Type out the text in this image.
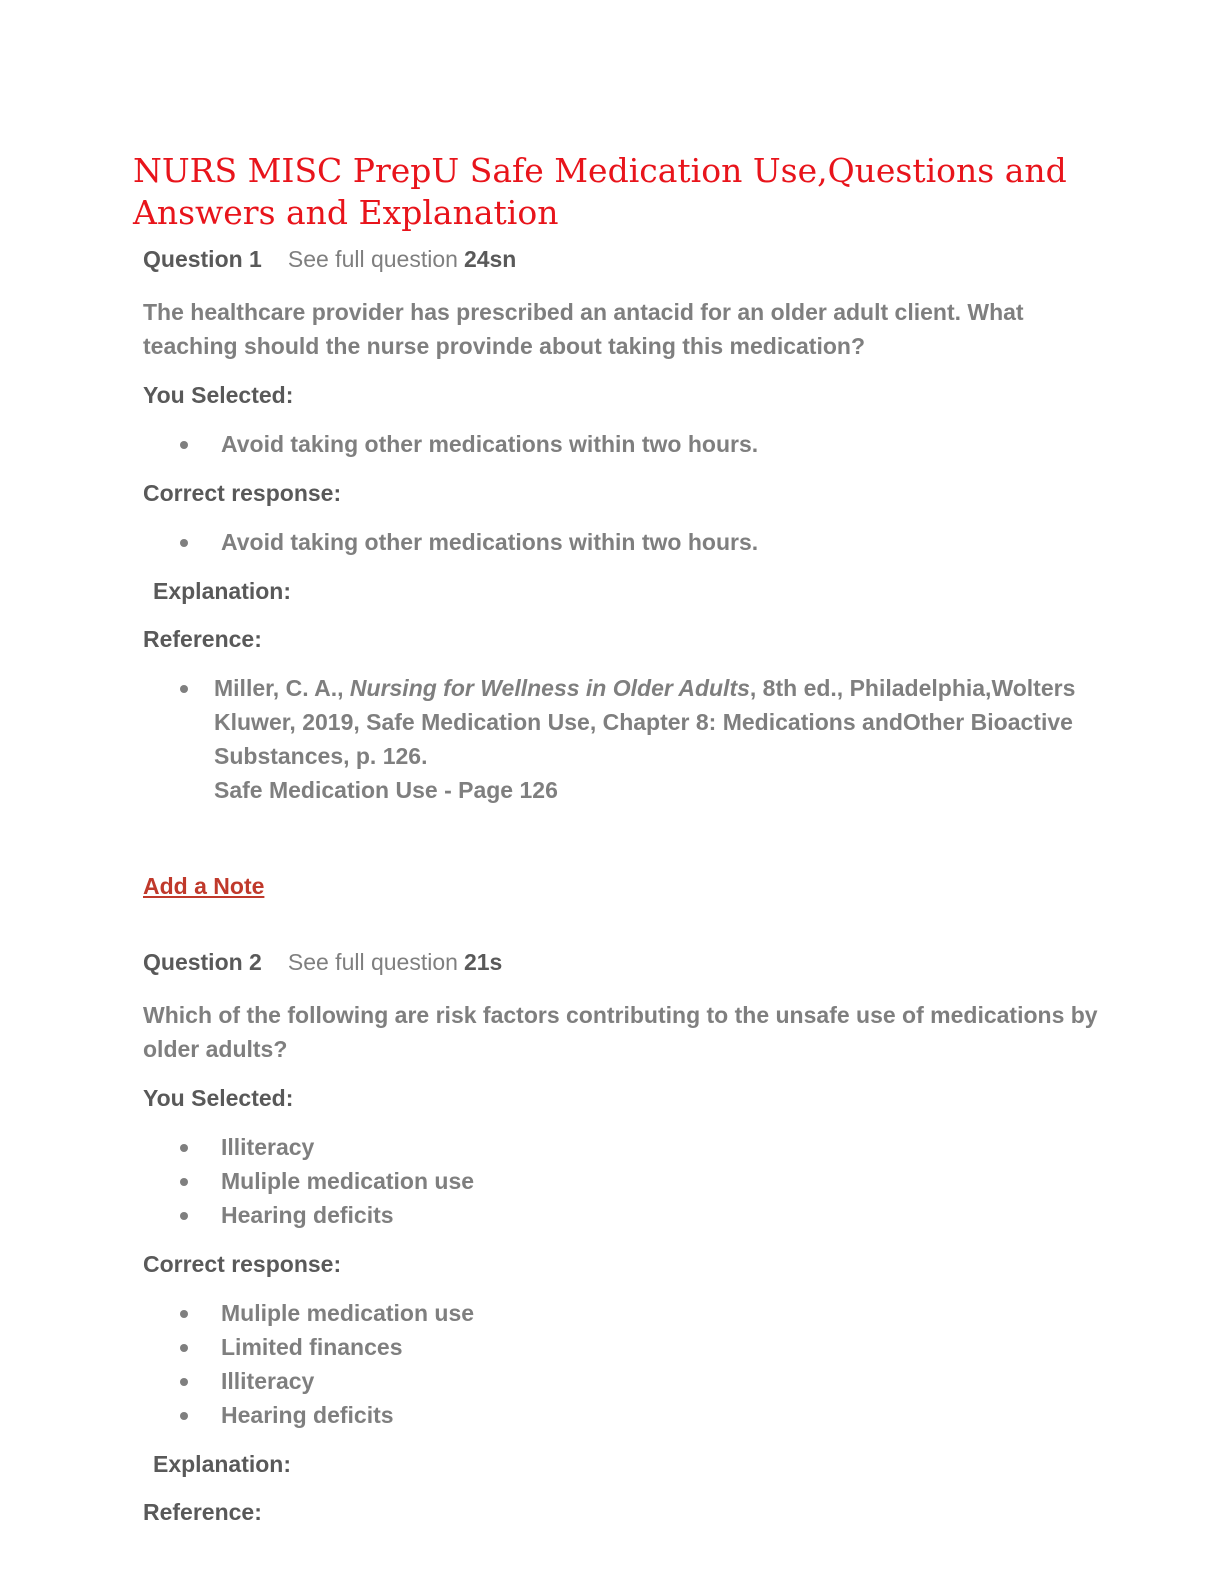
NURS MISC PrepU Safe Medication Use,Questions and Answers and Explanation
Question 1 See full question 24sn
The healthcare provider has prescribed an antacid for an older adult client. What teaching should the nurse provinde about taking this medication?
You Selected:
Avoid taking other medications within two hours.
Correct response:
Avoid taking other medications within two hours.
Explanation:
Reference:
Miller, C. A., Nursing for Wellness in Older Adults, 8th ed., Philadelphia,Wolters Kluwer, 2019, Safe Medication Use, Chapter 8: Medications andOther Bioactive Substances, p. 126.
Safe Medication Use - Page 126
Add a Note
Question 2 See full question 21s
Which of the following are risk factors contributing to the unsafe use of medications by older adults?
You Selected:
Illiteracy
Muliple medication use
Hearing deficits
Correct response:
Muliple medication use
Limited finances
Illiteracy
Hearing deficits
Explanation:
Reference:
